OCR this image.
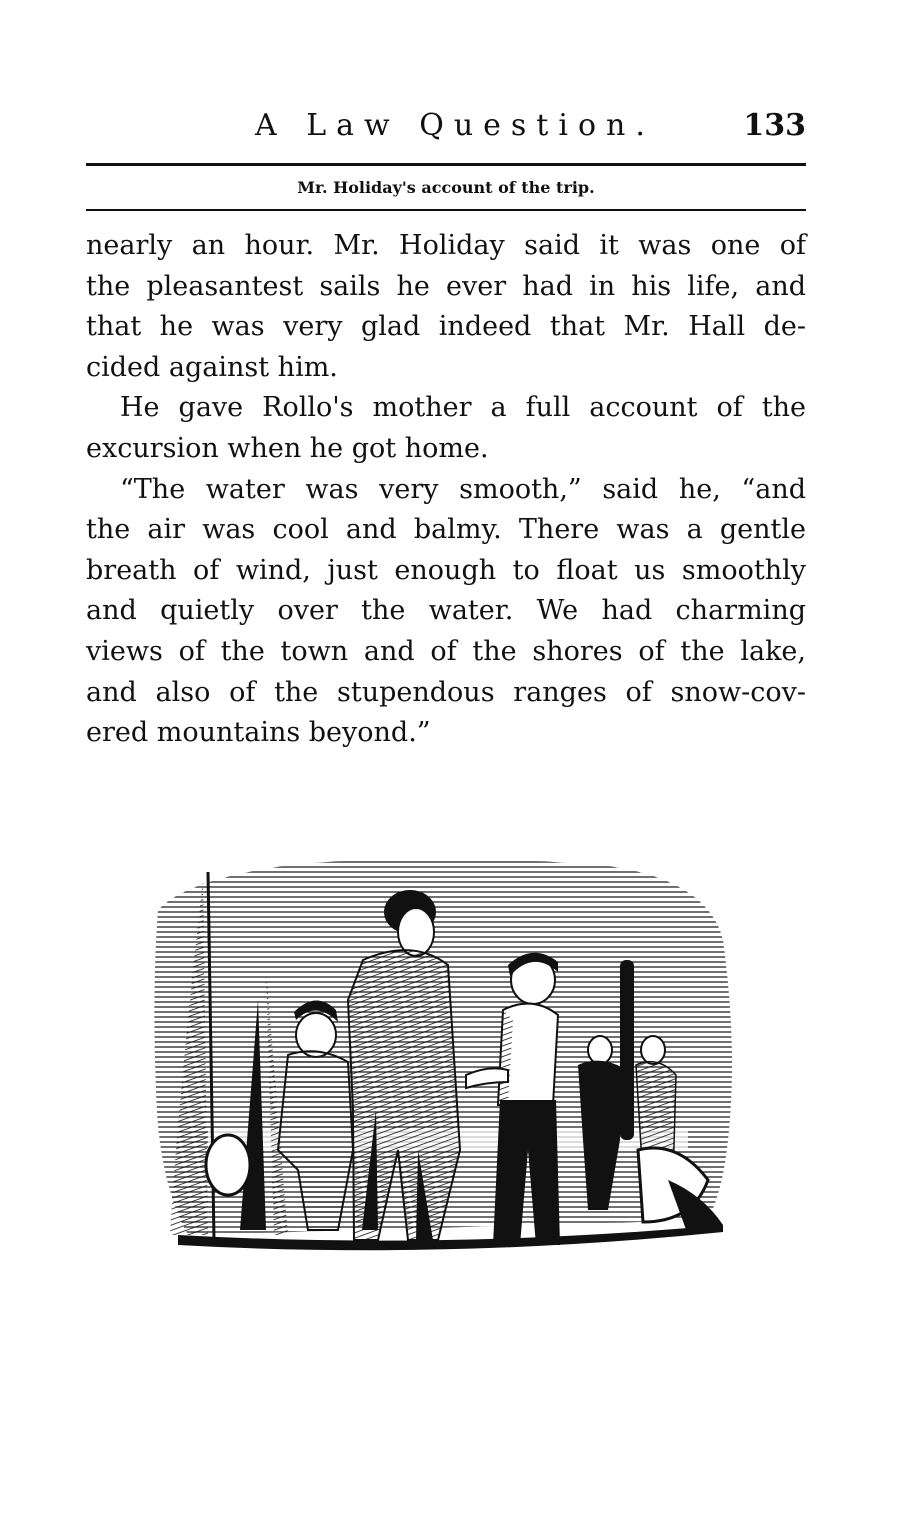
A Law Question.	133
Mr. Holiday's account of the trip.

nearly an hour. Mr. Holiday said it was one of
the pleasantest sails he ever had in his life, and
that he was very glad indeed that Mr. Hall de-
cided against him.

He gave Rollo's mother a full account of the
excursion when he got home.

“The water was very smooth,” said he, “and
the air was cool and balmy. There was a gentle
breath of wind, just enough to float us smoothly
and quietly over the water. We had charming
views of the town and of the shores of the lake,
and also of the stupendous ranges of snow-cov-
ered mountains beyond.”
